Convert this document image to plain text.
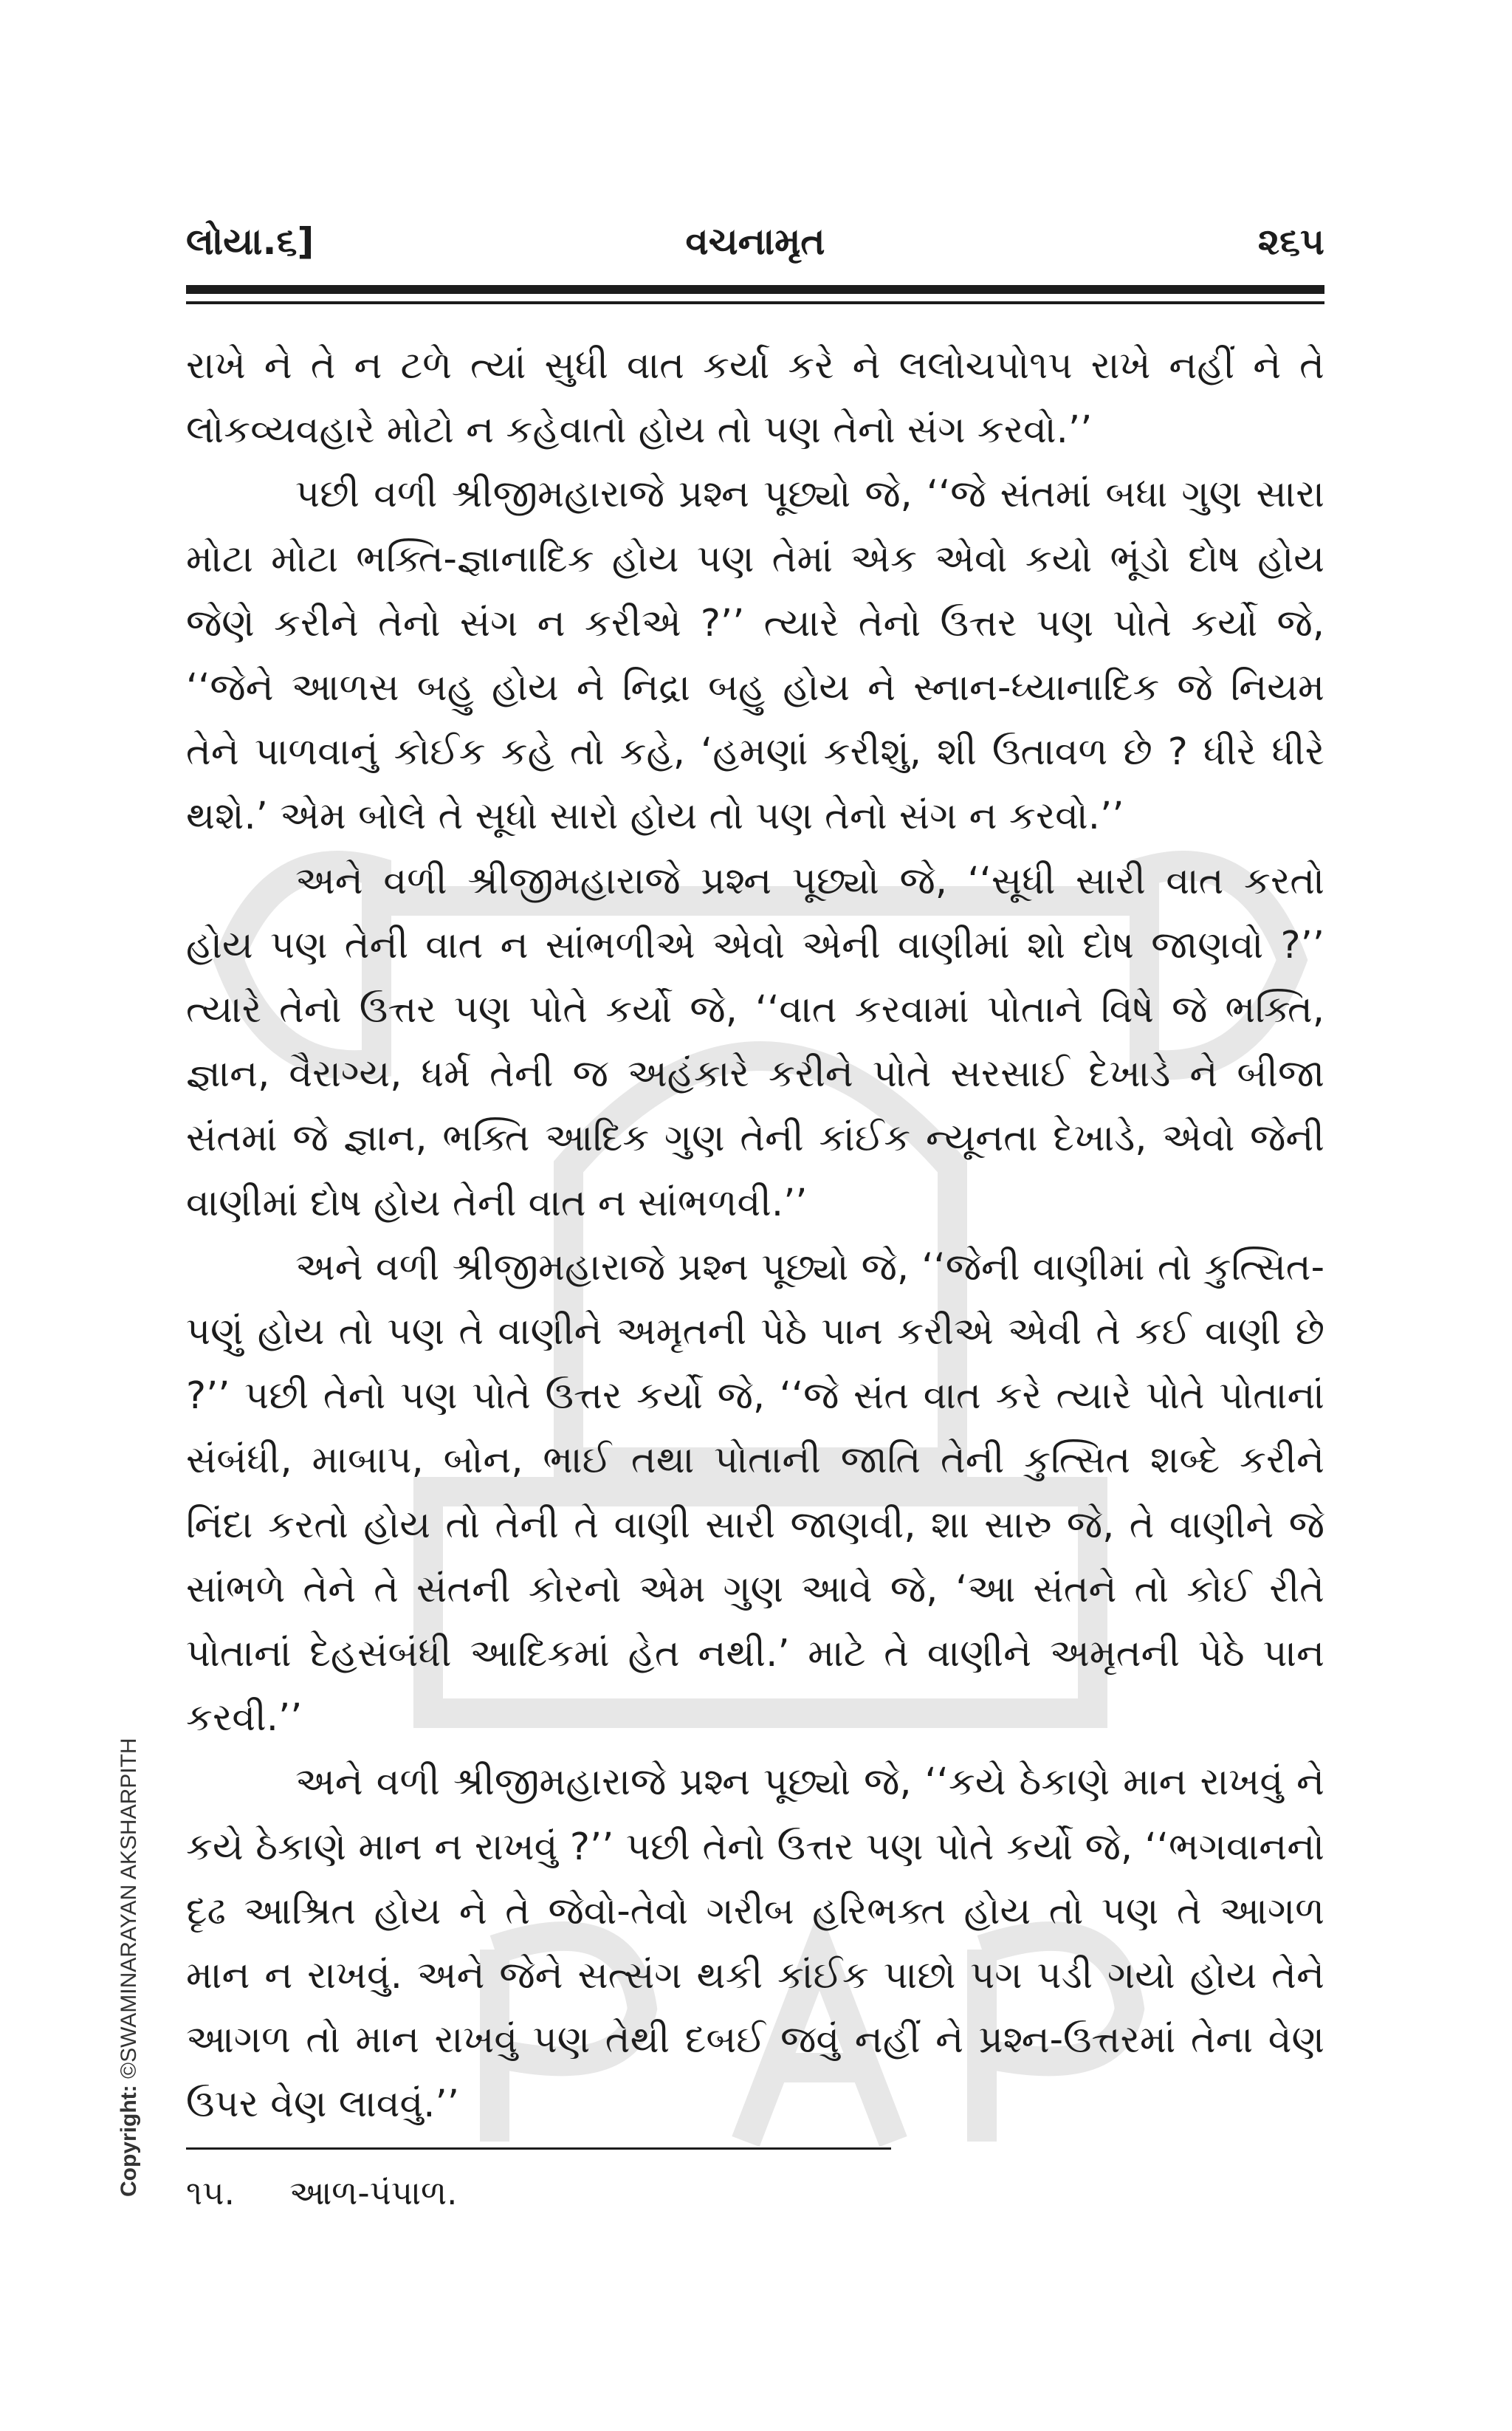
લોયા.૬]	વચનામૃત	૨૬૫

રાખે ને તે ન ટળે ત્યાં સુધી વાત કર્યા કરે ને લલોચપો૧૫ રાખે નહીં ને તે લોકવ્યવહારે મોટો ન કહેવાતો હોય તો પણ તેનો સંગ કરવો.’’

પછી વળી શ્રીજીમહારાજે પ્રશ્ન પૂછ્યો જે, ‘‘જે સંતમાં બધા ગુણ સારા મોટા મોટા ભક્તિ-જ્ઞાનાદિક હોય પણ તેમાં એક એવો કયો ભૂંડો દોષ હોય જેણે કરીને તેનો સંગ ન કરીએ ?’’ ત્યારે તેનો ઉત્તર પણ પોતે કર્યો જે, ‘‘જેને આળસ બહુ હોય ને નિદ્રા બહુ હોય ને સ્નાન-ધ્યાનાદિક જે નિયમ તેને પાળવાનું કોઈક કહે તો કહે, ‘હમણાં કરીશું, શી ઉતાવળ છે ? ધીરે ધીરે થશે.’ એમ બોલે તે સૂધો સારો હોય તો પણ તેનો સંગ ન કરવો.’’

અને વળી શ્રીજીમહારાજે પ્રશ્ન પૂછ્યો જે, ‘‘સૂધી સારી વાત કરતો હોય પણ તેની વાત ન સાંભળીએ એવો એની વાણીમાં શો દોષ જાણવો ?’’ ત્યારે તેનો ઉત્તર પણ પોતે કર્યો જે, ‘‘વાત કરવામાં પોતાને વિષે જે ભક્તિ, જ્ઞાન, વૈરાગ્ય, ધર્મ તેની જ અહંકારે કરીને પોતે સરસાઈ દેખાડે ને બીજા સંતમાં જે જ્ઞાન, ભક્તિ આદિક ગુણ તેની કાંઈક ન્યૂનતા દેખાડે, એવો જેની વાણીમાં દોષ હોય તેની વાત ન સાંભળવી.’’

અને વળી શ્રીજીમહારાજે પ્રશ્ન પૂછ્યો જે, ‘‘જેની વાણીમાં તો કુત્સિત-પણું હોય તો પણ તે વાણીને અમૃતની પેઠે પાન કરીએ એવી તે કઈ વાણી છે ?’’ પછી તેનો પણ પોતે ઉત્તર કર્યો જે, ‘‘જે સંત વાત કરે ત્યારે પોતે પોતાનાં સંબંધી, માબાપ, બોન, ભાઈ તથા પોતાની જાતિ તેની કુત્સિત શબ્દે કરીને નિંદા કરતો હોય તો તેની તે વાણી સારી જાણવી, શા સારુ જે, તે વાણીને જે સાંભળે તેને તે સંતની કોરનો એમ ગુણ આવે જે, ‘આ સંતને તો કોઈ રીતે પોતાનાં દેહસંબંધી આદિકમાં હેત નથી.’ માટે તે વાણીને અમૃતની પેઠે પાન કરવી.’’

અને વળી શ્રીજીમહારાજે પ્રશ્ન પૂછ્યો જે, ‘‘કયે ઠેકાણે માન રાખવું ને કયે ઠેકાણે માન ન રાખવું ?’’ પછી તેનો ઉત્તર પણ પોતે કર્યો જે, ‘‘ભગવાનનો દૃઢ આશ્રિત હોય ને તે જેવો-તેવો ગરીબ હરિભક્ત હોય તો પણ તે આગળ માન ન રાખવું. અને જેને સત્સંગ થકી કાંઈક પાછો પગ પડી ગયો હોય તેને આગળ તો માન રાખવું પણ તેથી દબઈ જવું નહીં ને પ્રશ્ન-ઉત્તરમાં તેના વેણ ઉપર વેણ લાવવું.’’

૧૫. આળ-પંપાળ.
Copyright: ©SWAMINARAYAN AKSHARPITH
